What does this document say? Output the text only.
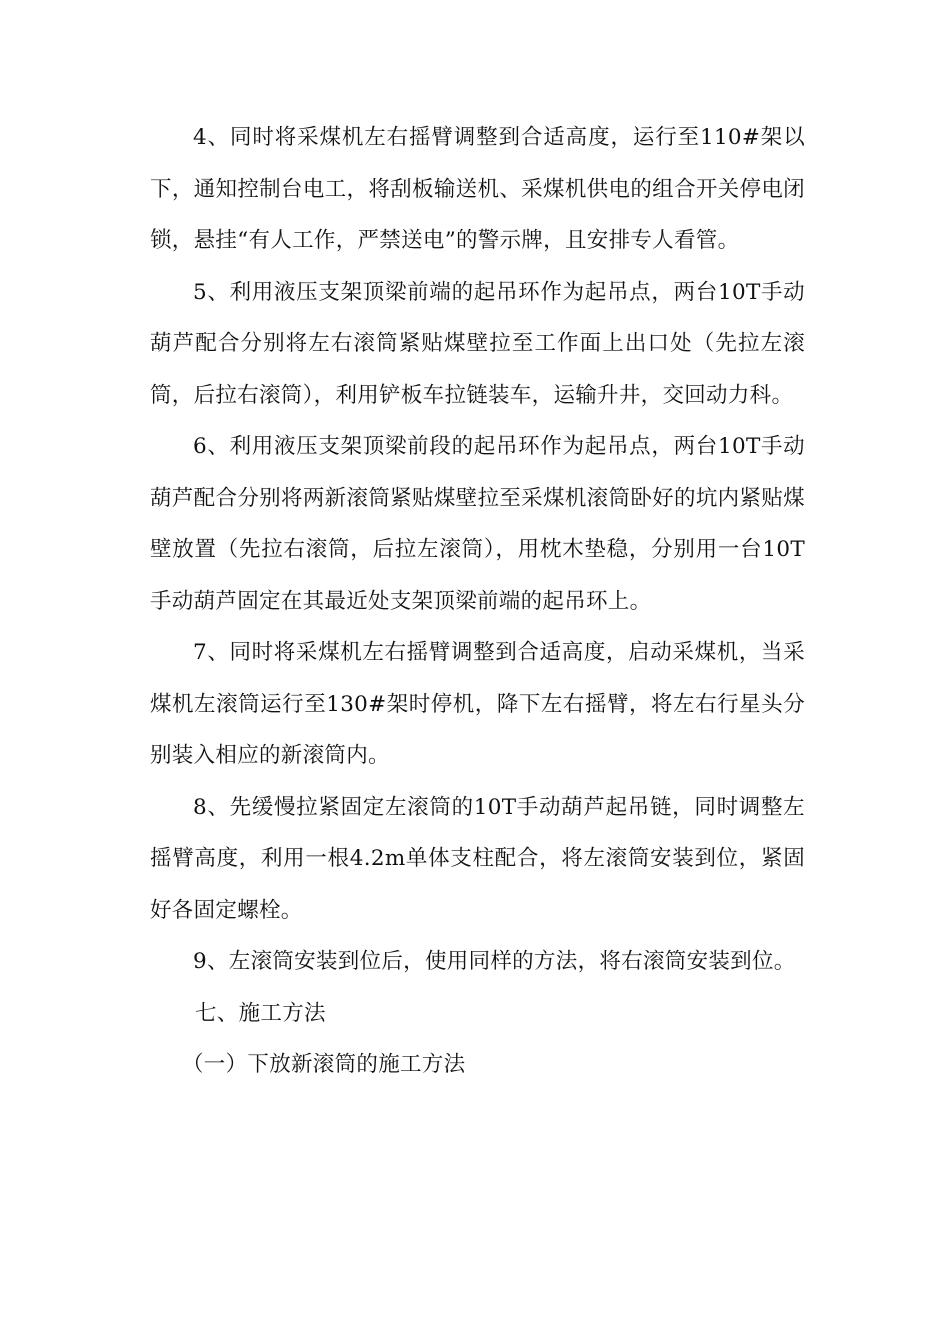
4、同时将采煤机左右摇臂调整到合适高度，运行至110#架以下，通知控制台电工，将刮板输送机、采煤机供电的组合开关停电闭锁，悬挂“有人工作，严禁送电”的警示牌，且安排专人看管。

5、利用液压支架顶梁前端的起吊环作为起吊点，两台10T手动葫芦配合分别将左右滚筒紧贴煤壁拉至工作面上出口处（先拉左滚筒，后拉右滚筒），利用铲板车拉链装车，运输升井，交回动力科。

6、利用液压支架顶梁前段的起吊环作为起吊点，两台10T手动葫芦配合分别将两新滚筒紧贴煤壁拉至采煤机滚筒卧好的坑内紧贴煤壁放置（先拉右滚筒，后拉左滚筒），用枕木垫稳，分别用一台10T手动葫芦固定在其最近处支架顶梁前端的起吊环上。

7、同时将采煤机左右摇臂调整到合适高度，启动采煤机，当采煤机左滚筒运行至130#架时停机，降下左右摇臂，将左右行星头分别装入相应的新滚筒内。

8、先缓慢拉紧固定左滚筒的10T手动葫芦起吊链，同时调整左摇臂高度，利用一根4.2m单体支柱配合，将左滚筒安装到位，紧固好各固定螺栓。

9、左滚筒安装到位后，使用同样的方法，将右滚筒安装到位。

七、施工方法

（一）下放新滚筒的施工方法
